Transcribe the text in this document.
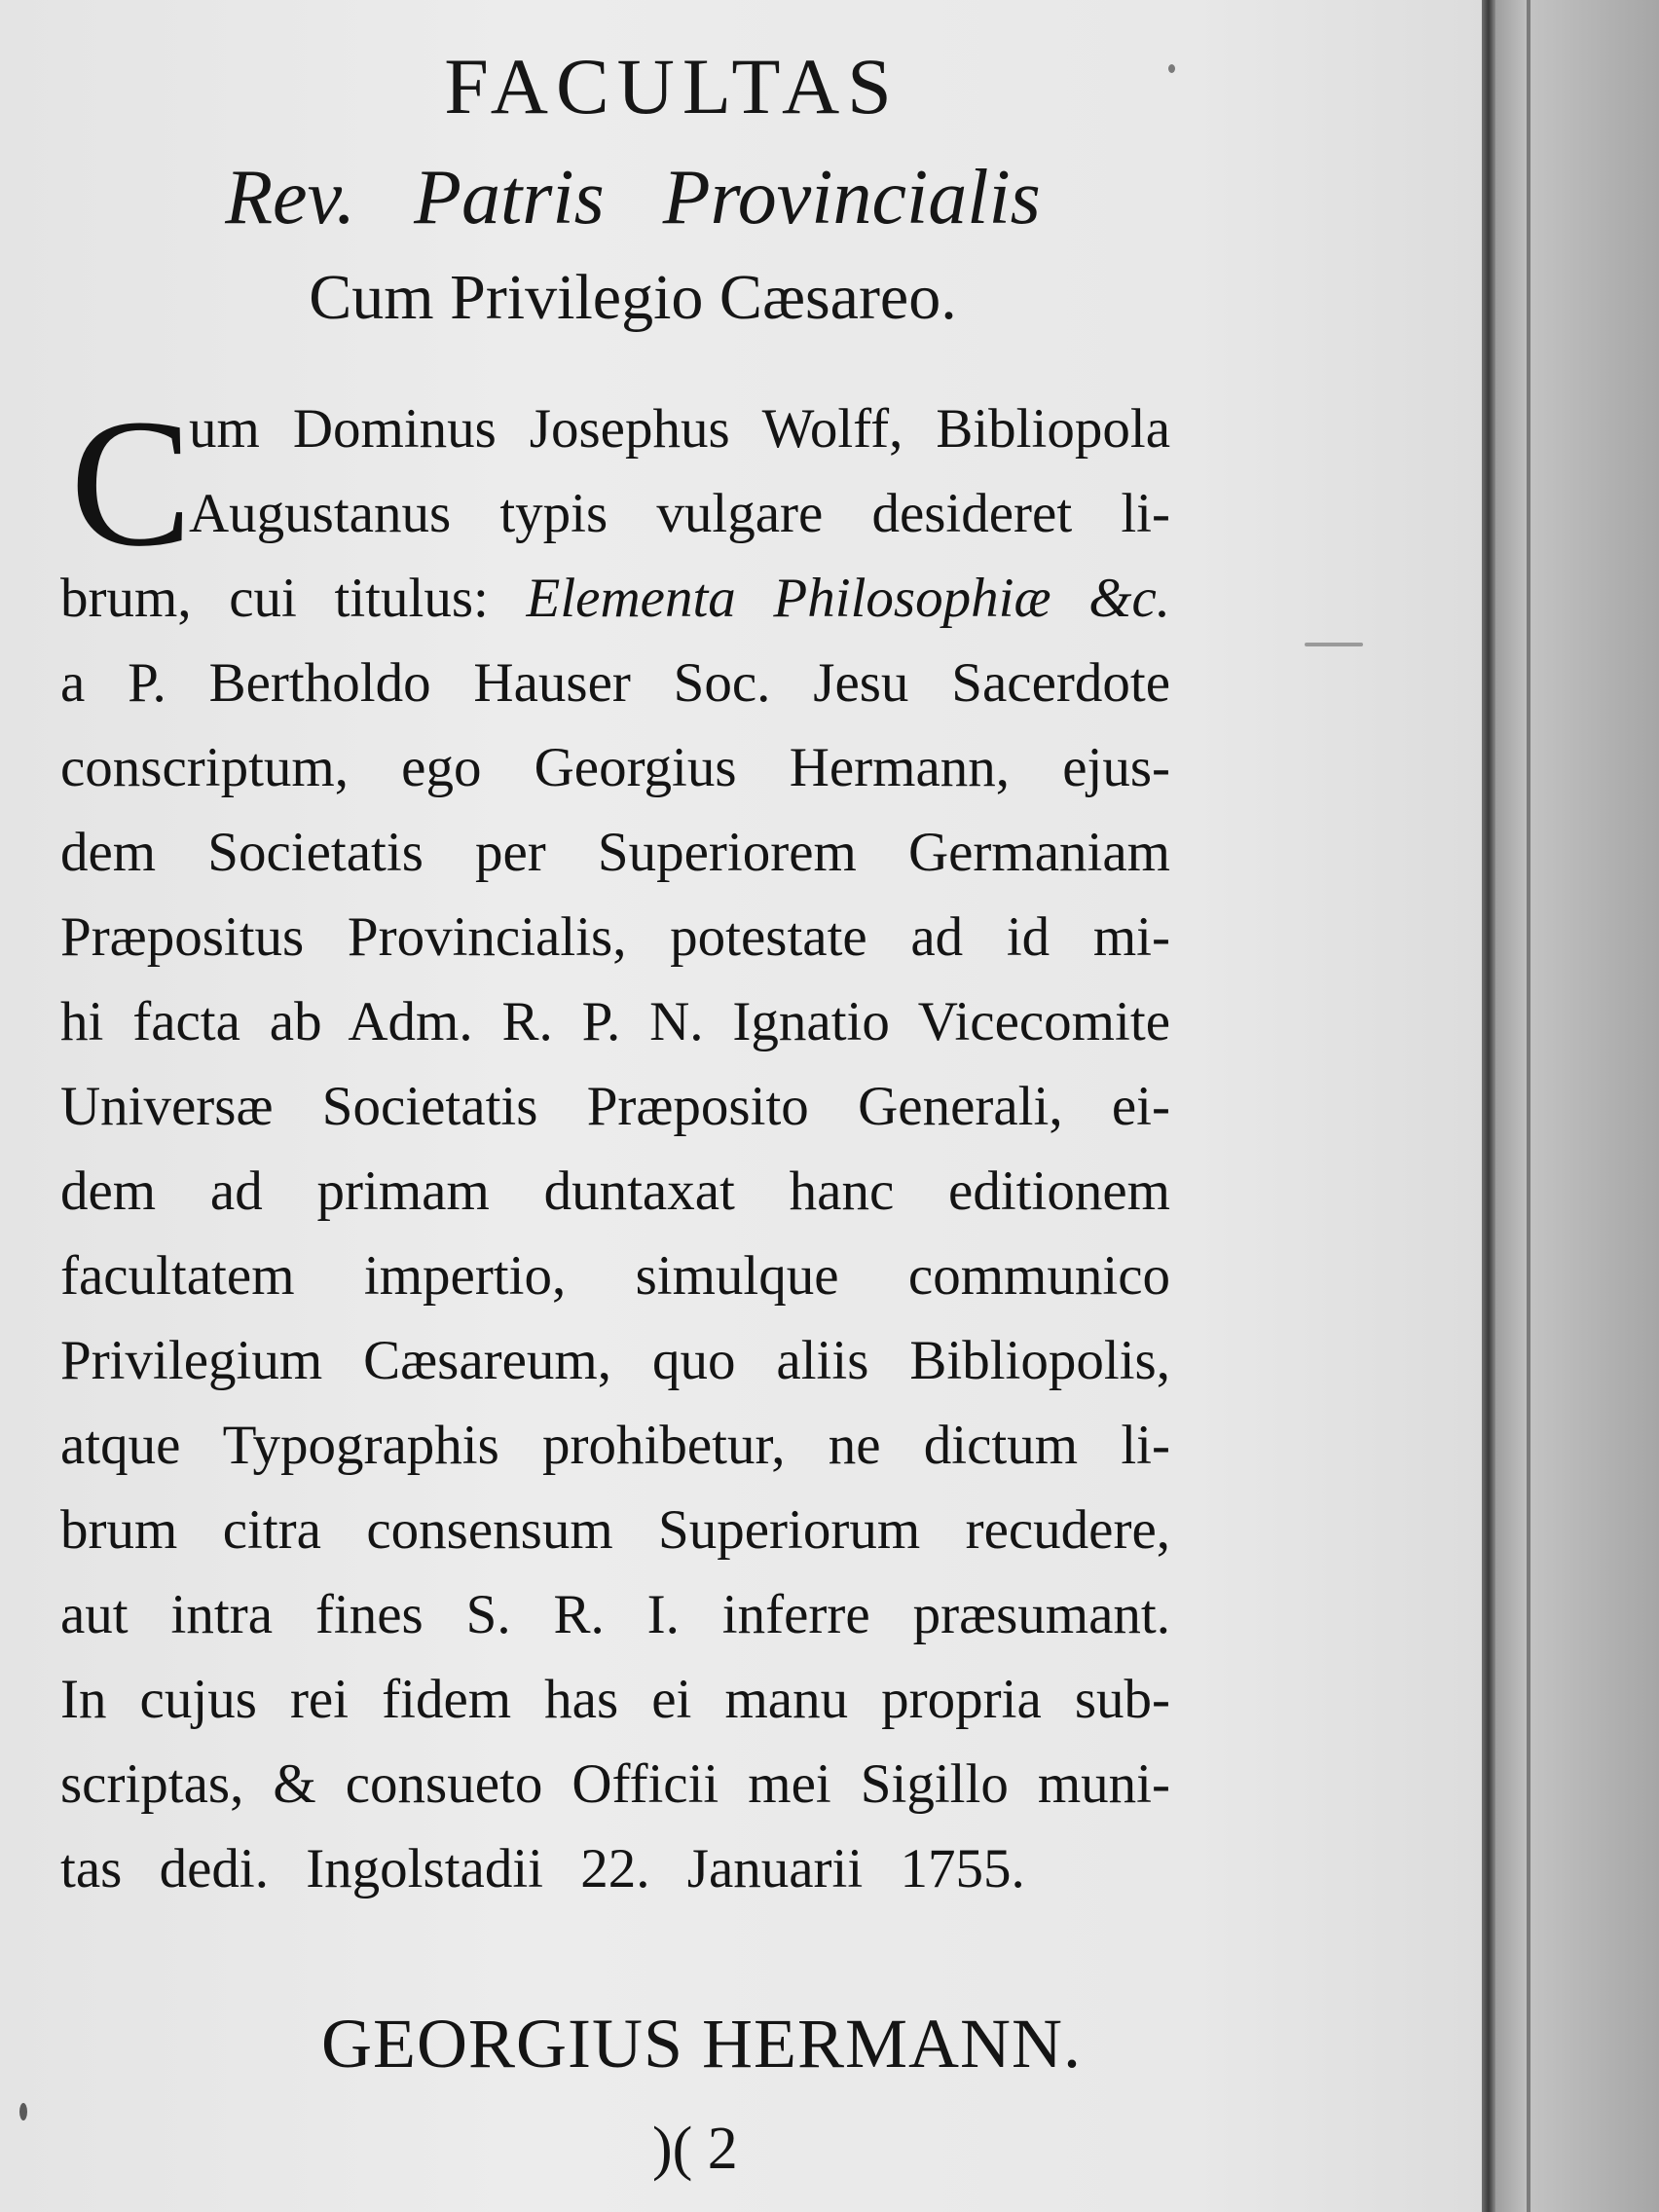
FACULTAS
Rev. Patris Provincialis
Cum Privilegio Cæsareo.
C
um Dominus Josephus Wolff, Bibliopola
Augustanus typis vulgare desideret li-
brum, cui titulus: Elementa Philosophiæ &c.
a P. Bertholdo Hauser Soc. Jesu Sacerdote
conscriptum, ego Georgius Hermann, ejus-
dem Societatis per Superiorem Germaniam
Præpositus Provincialis, potestate ad id mi-
hi facta ab Adm. R. P. N. Ignatio Vicecomite
Universæ Societatis Præposito Generali, ei-
dem ad primam duntaxat hanc editionem
facultatem impertio, simulque communico
Privilegium Cæsareum, quo aliis Bibliopolis,
atque Typographis prohibetur, ne dictum li-
brum citra consensum Superiorum recudere,
aut intra fines S. R. I. inferre præsumant.
In cujus rei fidem has ei manu propria sub-
scriptas, & consueto Officii mei Sigillo muni-
tas dedi. Ingolstadii 22. Januarii 1755.
GEORGIUS HERMANN.
)( 2
